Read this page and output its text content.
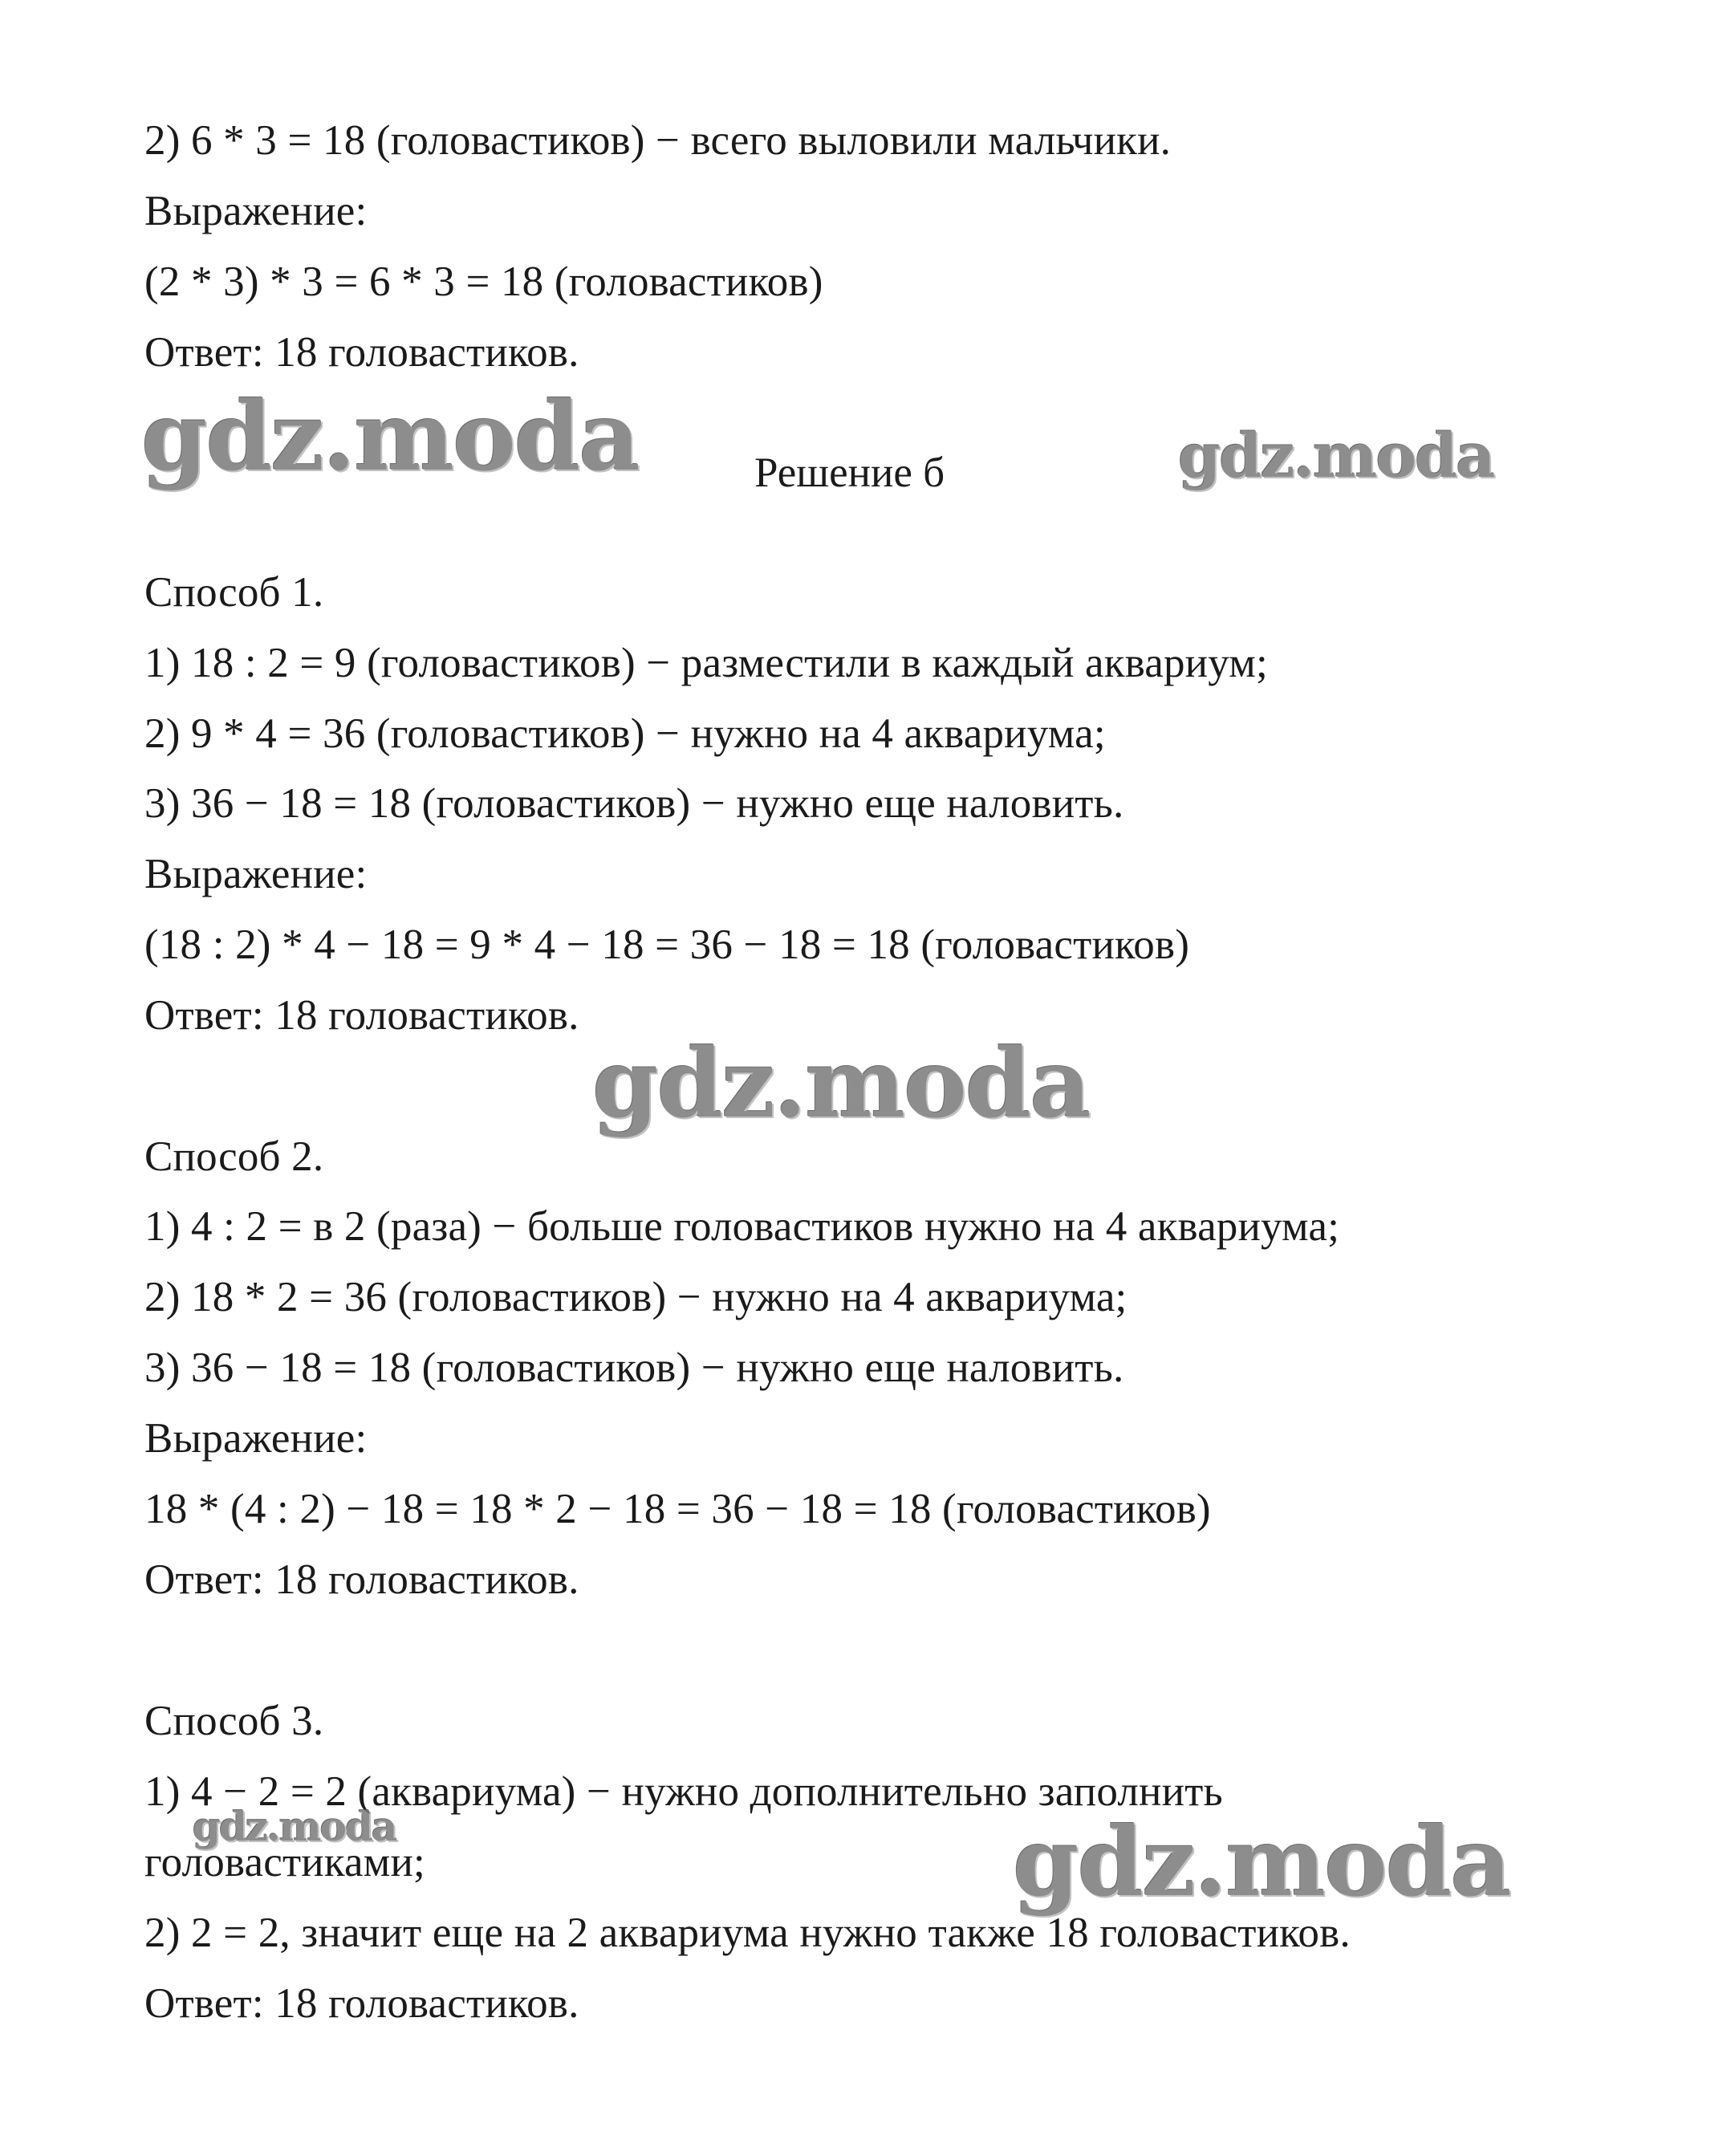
2) 6 * 3 = 18 (головастиков) − всего выловили мальчики.
Выражение:
(2 * 3) * 3 = 6 * 3 = 18 (головастиков)
Ответ: 18 головастиков.
Решение б
Способ 1.
1) 18 : 2 = 9 (головастиков) − разместили в каждый аквариум;
2) 9 * 4 = 36 (головастиков) − нужно на 4 аквариума;
3) 36 − 18 = 18 (головастиков) − нужно еще наловить.
Выражение:
(18 : 2) * 4 − 18 = 9 * 4 − 18 = 36 − 18 = 18 (головастиков)
Ответ: 18 головастиков.
Способ 2.
1) 4 : 2 = в 2 (раза) − больше головастиков нужно на 4 аквариума;
2) 18 * 2 = 36 (головастиков) − нужно на 4 аквариума;
3) 36 − 18 = 18 (головастиков) − нужно еще наловить.
Выражение:
18 * (4 : 2) − 18 = 18 * 2 − 18 = 36 − 18 = 18 (головастиков)
Ответ: 18 головастиков.
Способ 3.
1) 4 − 2 = 2 (аквариума) − нужно дополнительно заполнить
головастиками;
2) 2 = 2, значит еще на 2 аквариума нужно также 18 головастиков.
Ответ: 18 головастиков.
gdz.moda	gdz.moda
gdz.moda
gdz.moda	gdz.moda
